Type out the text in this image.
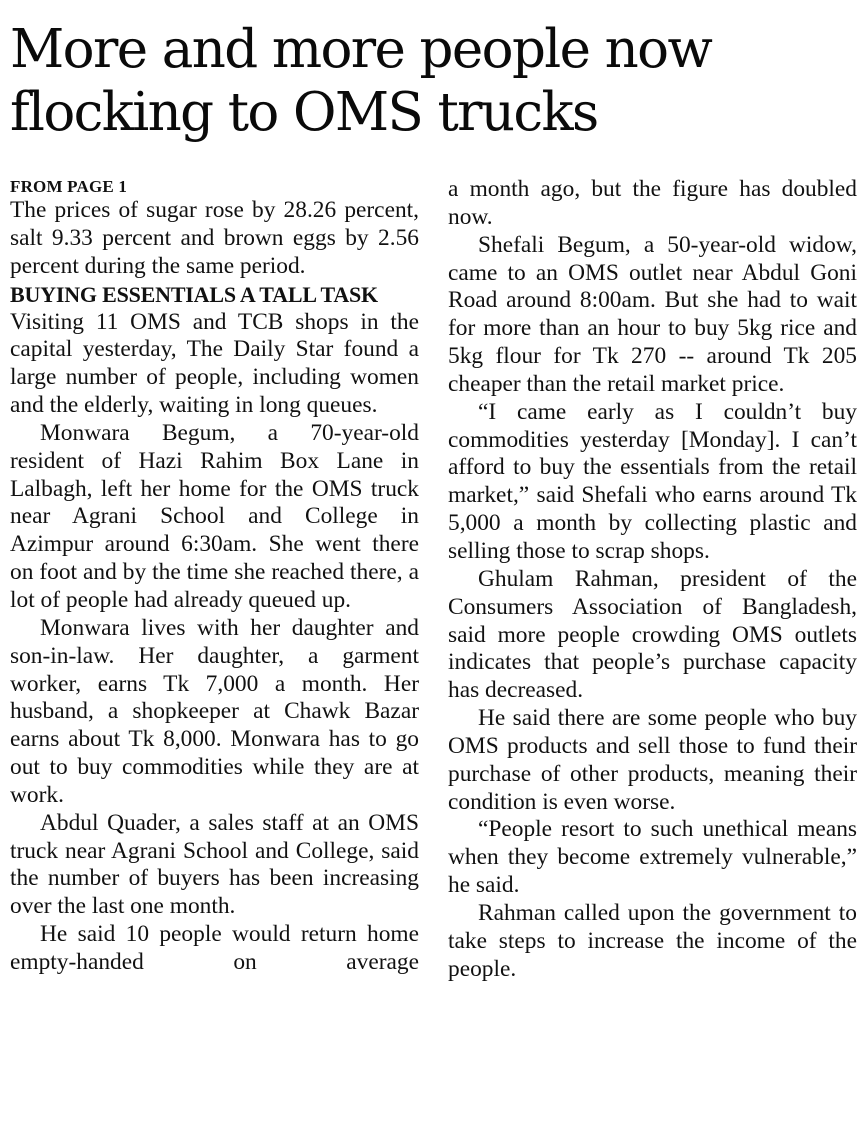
More and more people now
flocking to OMS trucks

FROM PAGE 1

The prices of sugar rose by 28.26 percent, salt 9.33 percent and brown eggs by 2.56 percent during the same period.

BUYING ESSENTIALS A TALL TASK

Visiting 11 OMS and TCB shops in the capital yesterday, The Daily Star found a large number of people, including women and the elderly, waiting in long queues.

Monwara Begum, a 70-year-old resident of Hazi Rahim Box Lane in Lalbagh, left her home for the OMS truck near Agrani School and College in Azimpur around 6:30am. She went there on foot and by the time she reached there, a lot of people had already queued up.

Monwara lives with her daughter and son-in-law. Her daughter, a garment worker, earns Tk 7,000 a month. Her husband, a shopkeeper at Chawk Bazar earns about Tk 8,000. Monwara has to go out to buy commodities while they are at work.

Abdul Quader, a sales staff at an OMS truck near Agrani School and College, said the number of buyers has been increasing over the last one month.

He said 10 people would return home empty-handed on average

a month ago, but the figure has doubled now.

Shefali Begum, a 50-year-old widow, came to an OMS outlet near Abdul Goni Road around 8:00am. But she had to wait for more than an hour to buy 5kg rice and 5kg flour for Tk 270 -- around Tk 205 cheaper than the retail market price.

“I came early as I couldn’t buy commodities yesterday [Monday]. I can’t afford to buy the essentials from the retail market,” said Shefali who earns around Tk 5,000 a month by collecting plastic and selling those to scrap shops.

Ghulam Rahman, president of the Consumers Association of Bangladesh, said more people crowding OMS outlets indicates that people’s purchase capacity has decreased.

He said there are some people who buy OMS products and sell those to fund their purchase of other products, meaning their condition is even worse.

“People resort to such unethical means when they become extremely vulnerable,” he said.

Rahman called upon the government to take steps to increase the income of the people.
